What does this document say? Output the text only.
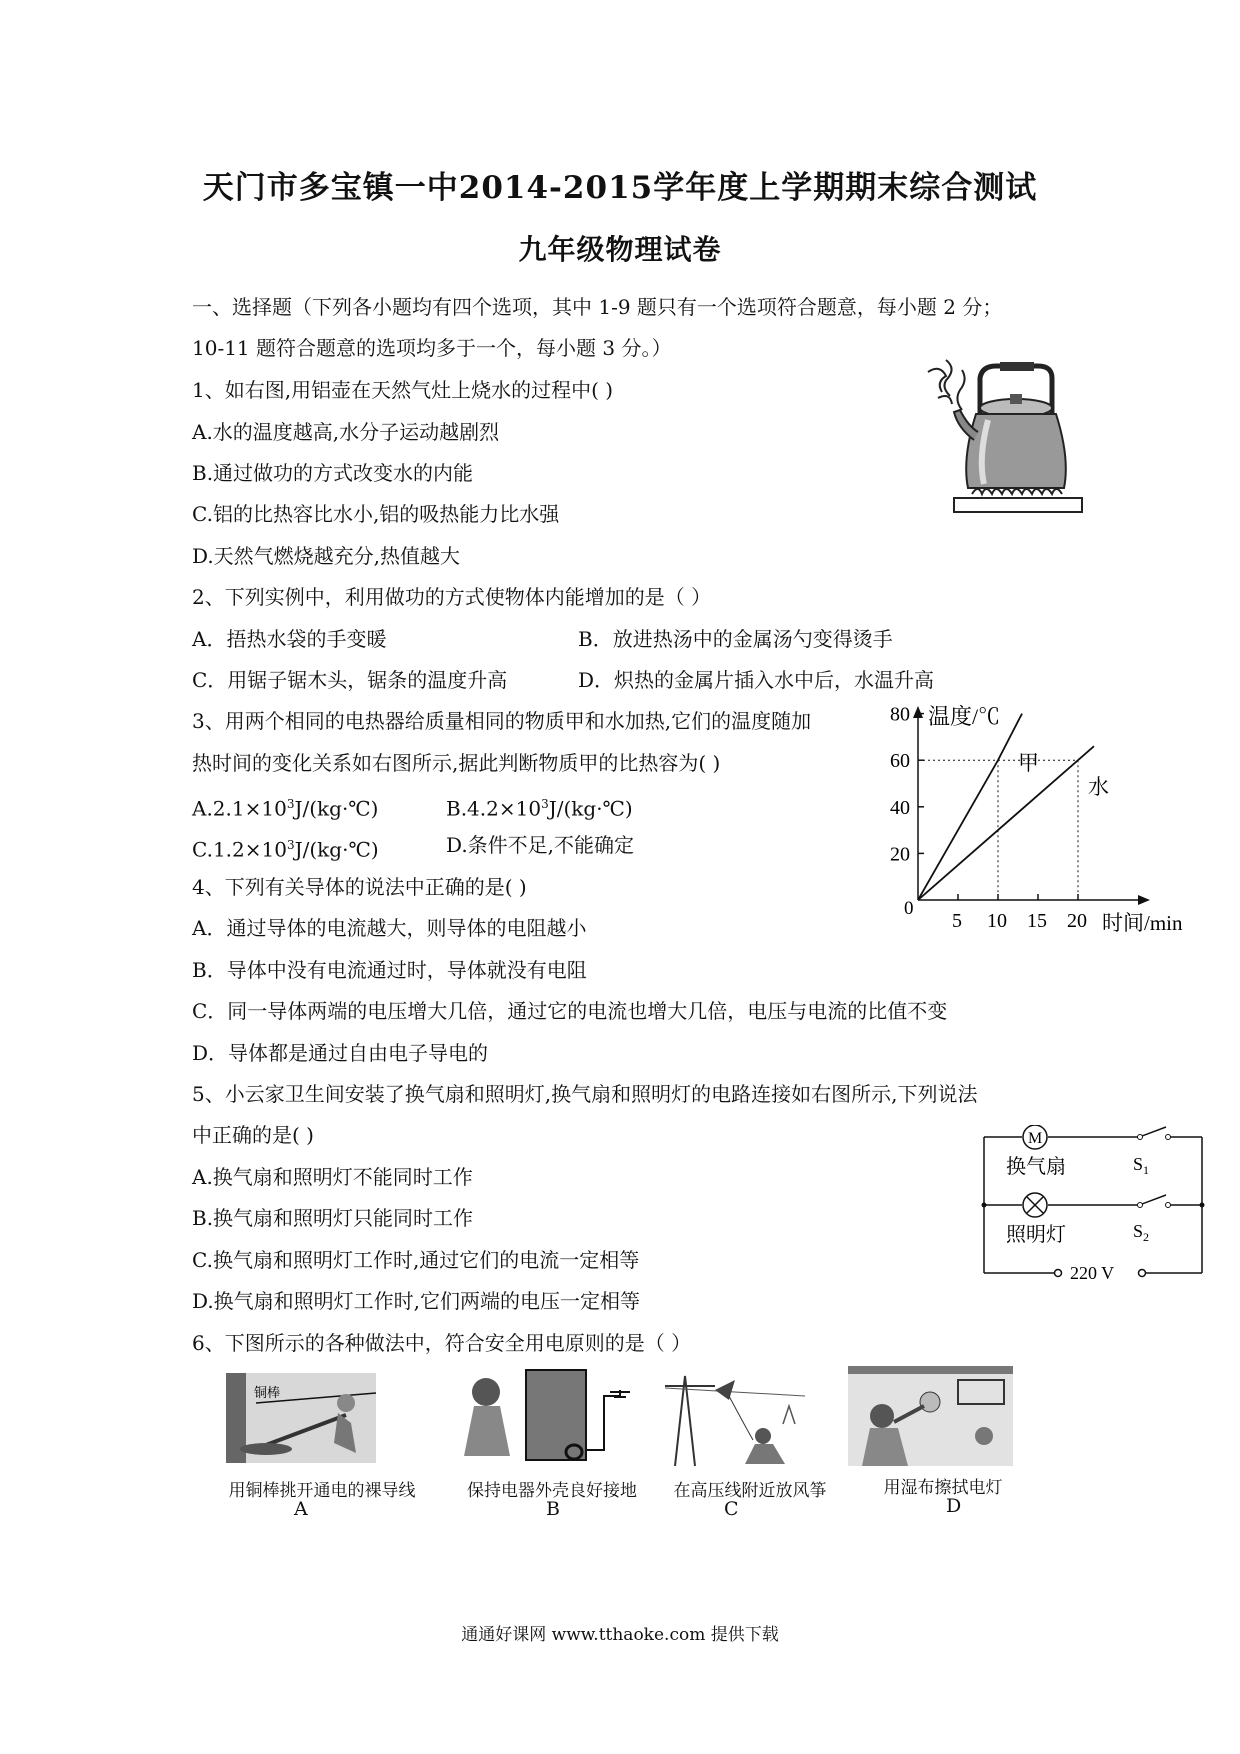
天门市多宝镇一中2014-2015学年度上学期期末综合测试
九年级物理试卷
一、选择题（下列各小题均有四个选项，其中 1-9 题只有一个选项符合题意，每小题 2 分；
10-11 题符合题意的选项均多于一个，每小题 3 分。）
1、如右图,用铝壶在天然气灶上烧水的过程中( )
A.水的温度越高,水分子运动越剧烈
B.通过做功的方式改变水的内能
C.铝的比热容比水小,铝的吸热能力比水强
D.天然气燃烧越充分,热值越大
2、下列实例中，利用做功的方式使物体内能增加的是（ ）
A．捂热水袋的手变暖	B．放进热汤中的金属汤勺变得烫手
C．用锯子锯木头，锯条的温度升高	D．炽热的金属片插入水中后，水温升高
3、用两个相同的电热器给质量相同的物质甲和水加热,它们的温度随加
热时间的变化关系如右图所示,据此判断物质甲的比热容为( )
$A.2.1\times 10^3J/(kg\cdot℃)$	$B.4.2\times 10^3J/(kg\cdot℃)$
$C.1.2\times 10^3J/(kg\cdot℃)$	D.条件不足,不能确定
温度/℃
时间/min
0
80
60
40
20
5 10 15 20
甲
水
4、下列有关导体的说法中正确的是( )
A．通过导体的电流越大，则导体的电阻越小
B．导体中没有电流通过时，导体就没有电阻
C．同一导体两端的电压增大几倍，通过它的电流也增大几倍，电压与电流的比值不变
D．导体都是通过自由电子导电的
5、小云家卫生间安装了换气扇和照明灯,换气扇和照明灯的电路连接如右图所示,下列说法
中正确的是( )
A.换气扇和照明灯不能同时工作
B.换气扇和照明灯只能同时工作
C.换气扇和照明灯工作时,通过它们的电流一定相等
D.换气扇和照明灯工作时,它们两端的电压一定相等
M
换气扇	$S_1$
照明灯	$S_2$
220 V
6、下图所示的各种做法中，符合安全用电原则的是（ ）
铜棒
用铜棒挑开通电的裸导线	保持电器外壳良好接地	在高压线附近放风筝	用湿布擦拭电灯
A	B	C	D
通通好课网 www.tthaoke.com 提供下载
